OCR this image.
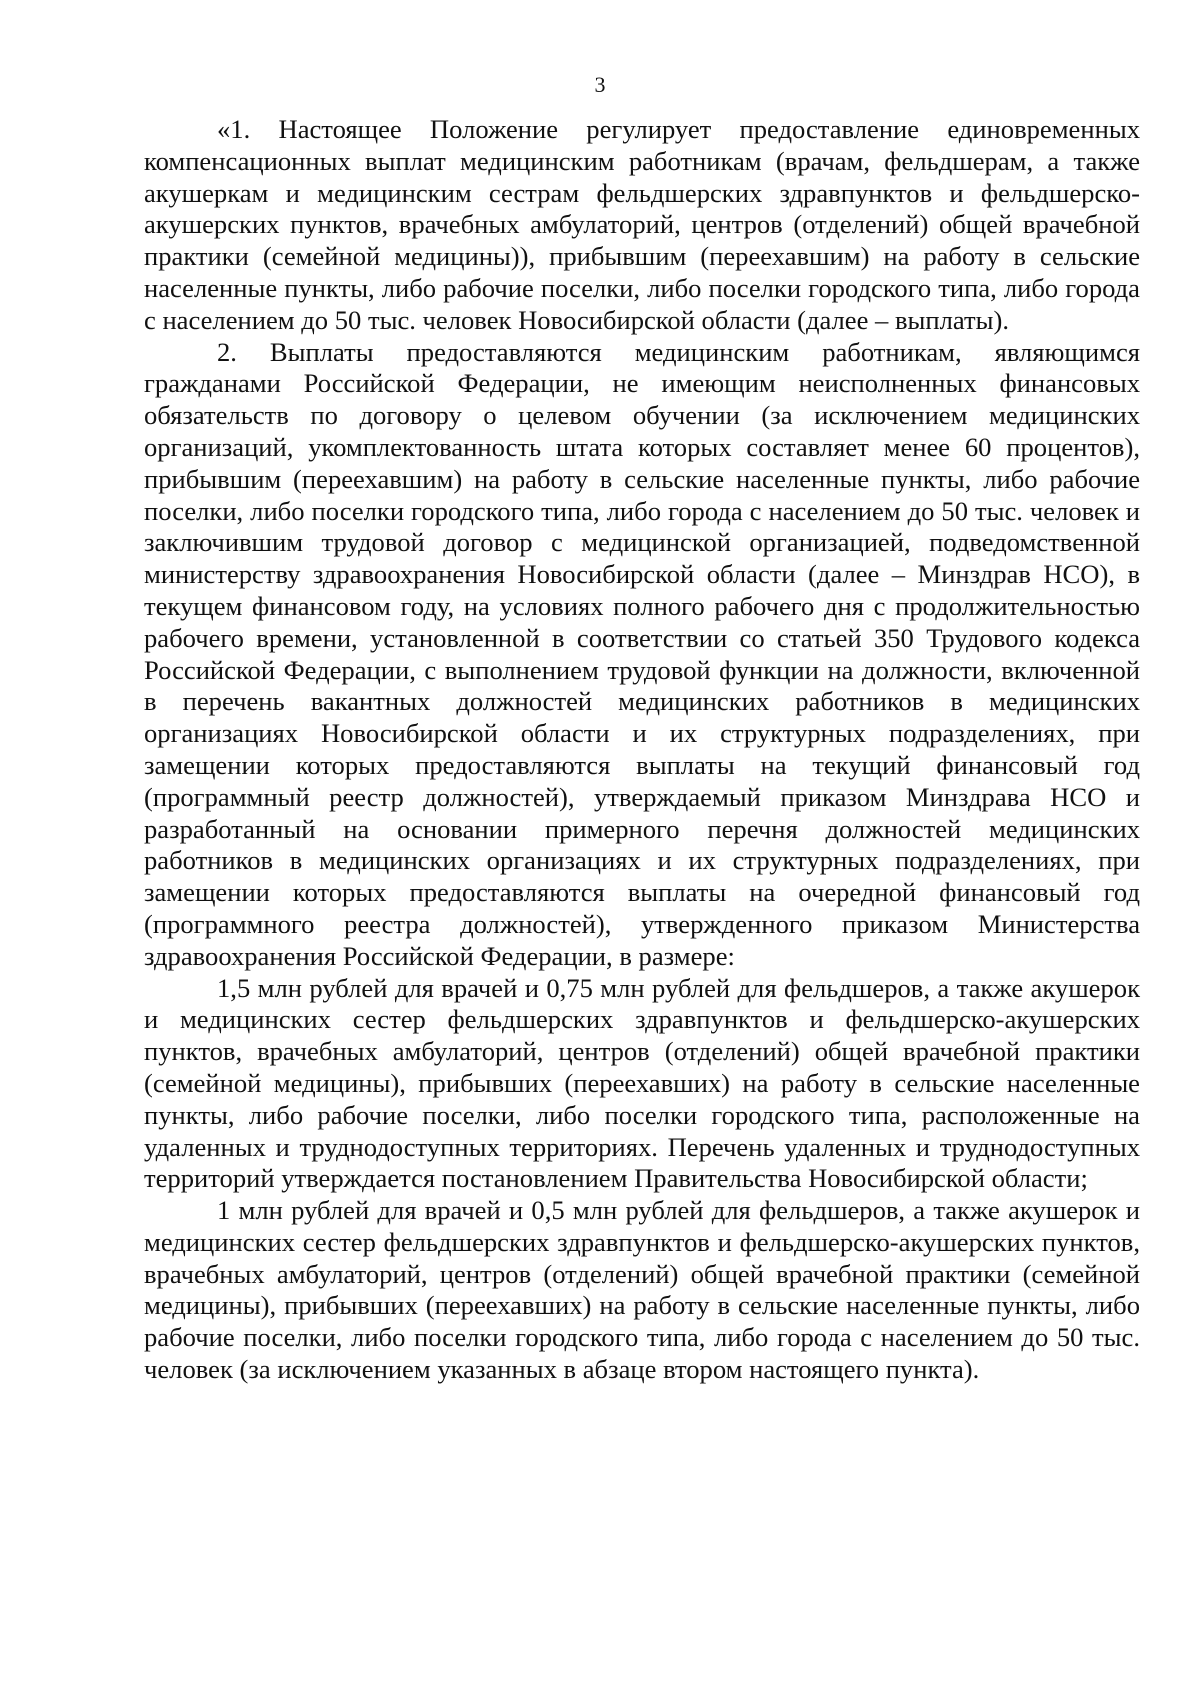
3

«1. Настоящее Положение регулирует предоставление единовременных компенсационных выплат медицинским работникам (врачам, фельдшерам, а также акушеркам и медицинским сестрам фельдшерских здравпунктов и фельдшерско-акушерских пунктов, врачебных амбулаторий, центров (отделений) общей врачебной практики (семейной медицины)), прибывшим (переехавшим) на работу в сельские населенные пункты, либо рабочие поселки, либо поселки городского типа, либо города с населением до 50 тыс. человек Новосибирской области (далее – выплаты).

2. Выплаты предоставляются медицинским работникам, являющимся гражданами Российской Федерации, не имеющим неисполненных финансовых обязательств по договору о целевом обучении (за исключением медицинских организаций, укомплектованность штата которых составляет менее 60 процентов), прибывшим (переехавшим) на работу в сельские населенные пункты, либо рабочие поселки, либо поселки городского типа, либо города с населением до 50 тыс. человек и заключившим трудовой договор с медицинской организацией, подведомственной министерству здравоохранения Новосибирской области (далее – Минздрав НСО), в текущем финансовом году, на условиях полного рабочего дня с продолжительностью рабочего времени, установленной в соответствии со статьей 350 Трудового кодекса Российской Федерации, с выполнением трудовой функции на должности, включенной в перечень вакантных должностей медицинских работников в медицинских организациях Новосибирской области и их структурных подразделениях, при замещении которых предоставляются выплаты на текущий финансовый год (программный реестр должностей), утверждаемый приказом Минздрава НСО и разработанный на основании примерного перечня должностей медицинских работников в медицинских организациях и их структурных подразделениях, при замещении которых предоставляются выплаты на очередной финансовый год (программного реестра должностей), утвержденного приказом Министерства здравоохранения Российской Федерации, в размере:

1,5 млн рублей для врачей и 0,75 млн рублей для фельдшеров, а также акушерок и медицинских сестер фельдшерских здравпунктов и фельдшерско-акушерских пунктов, врачебных амбулаторий, центров (отделений) общей врачебной практики (семейной медицины), прибывших (переехавших) на работу в сельские населенные пункты, либо рабочие поселки, либо поселки городского типа, расположенные на удаленных и труднодоступных территориях. Перечень удаленных и труднодоступных территорий утверждается постановлением Правительства Новосибирской области;

1 млн рублей для врачей и 0,5 млн рублей для фельдшеров, а также акушерок и медицинских сестер фельдшерских здравпунктов и фельдшерско-акушерских пунктов, врачебных амбулаторий, центров (отделений) общей врачебной практики (семейной медицины), прибывших (переехавших) на работу в сельские населенные пункты, либо рабочие поселки, либо поселки городского типа, либо города с населением до 50 тыс. человек (за исключением указанных в абзаце втором настоящего пункта).
